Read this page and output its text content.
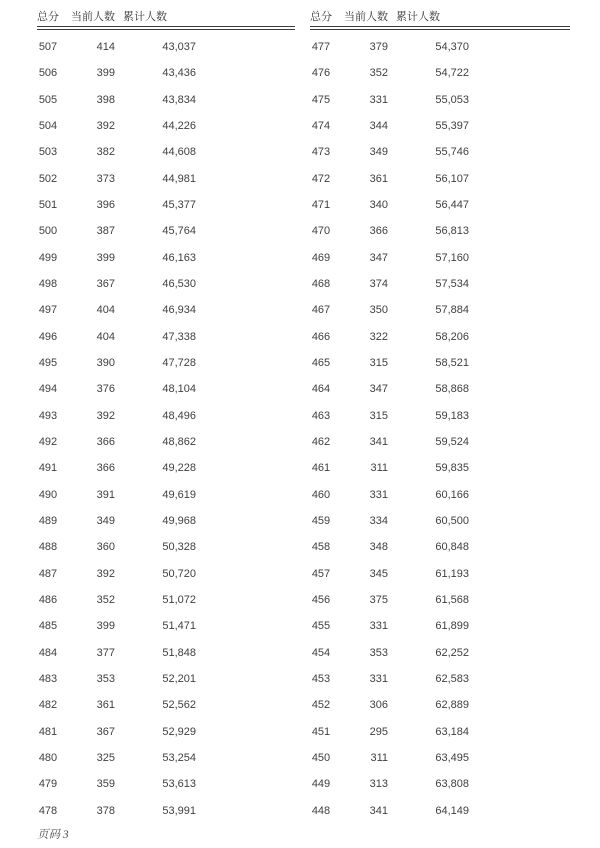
总分 当前人数 累计人数
507	414	43,037
506	399	43,436
505	398	43,834
504	392	44,226
503	382	44,608
502	373	44,981
501	396	45,377
500	387	45,764
499	399	46,163
498	367	46,530
497	404	46,934
496	404	47,338
495	390	47,728
494	376	48,104
493	392	48,496
492	366	48,862
491	366	49,228
490	391	49,619
489	349	49,968
488	360	50,328
487	392	50,720
486	352	51,072
485	399	51,471
484	377	51,848
483	353	52,201
482	361	52,562
481	367	52,929
480	325	53,254
479	359	53,613
478	378	53,991
总分 当前人数 累计人数
477	379	54,370
476	352	54,722
475	331	55,053
474	344	55,397
473	349	55,746
472	361	56,107
471	340	56,447
470	366	56,813
469	347	57,160
468	374	57,534
467	350	57,884
466	322	58,206
465	315	58,521
464	347	58,868
463	315	59,183
462	341	59,524
461	311	59,835
460	331	60,166
459	334	60,500
458	348	60,848
457	345	61,193
456	375	61,568
455	331	61,899
454	353	62,252
453	331	62,583
452	306	62,889
451	295	63,184
450	311	63,495
449	313	63,808
448	341	64,149
页码 3
